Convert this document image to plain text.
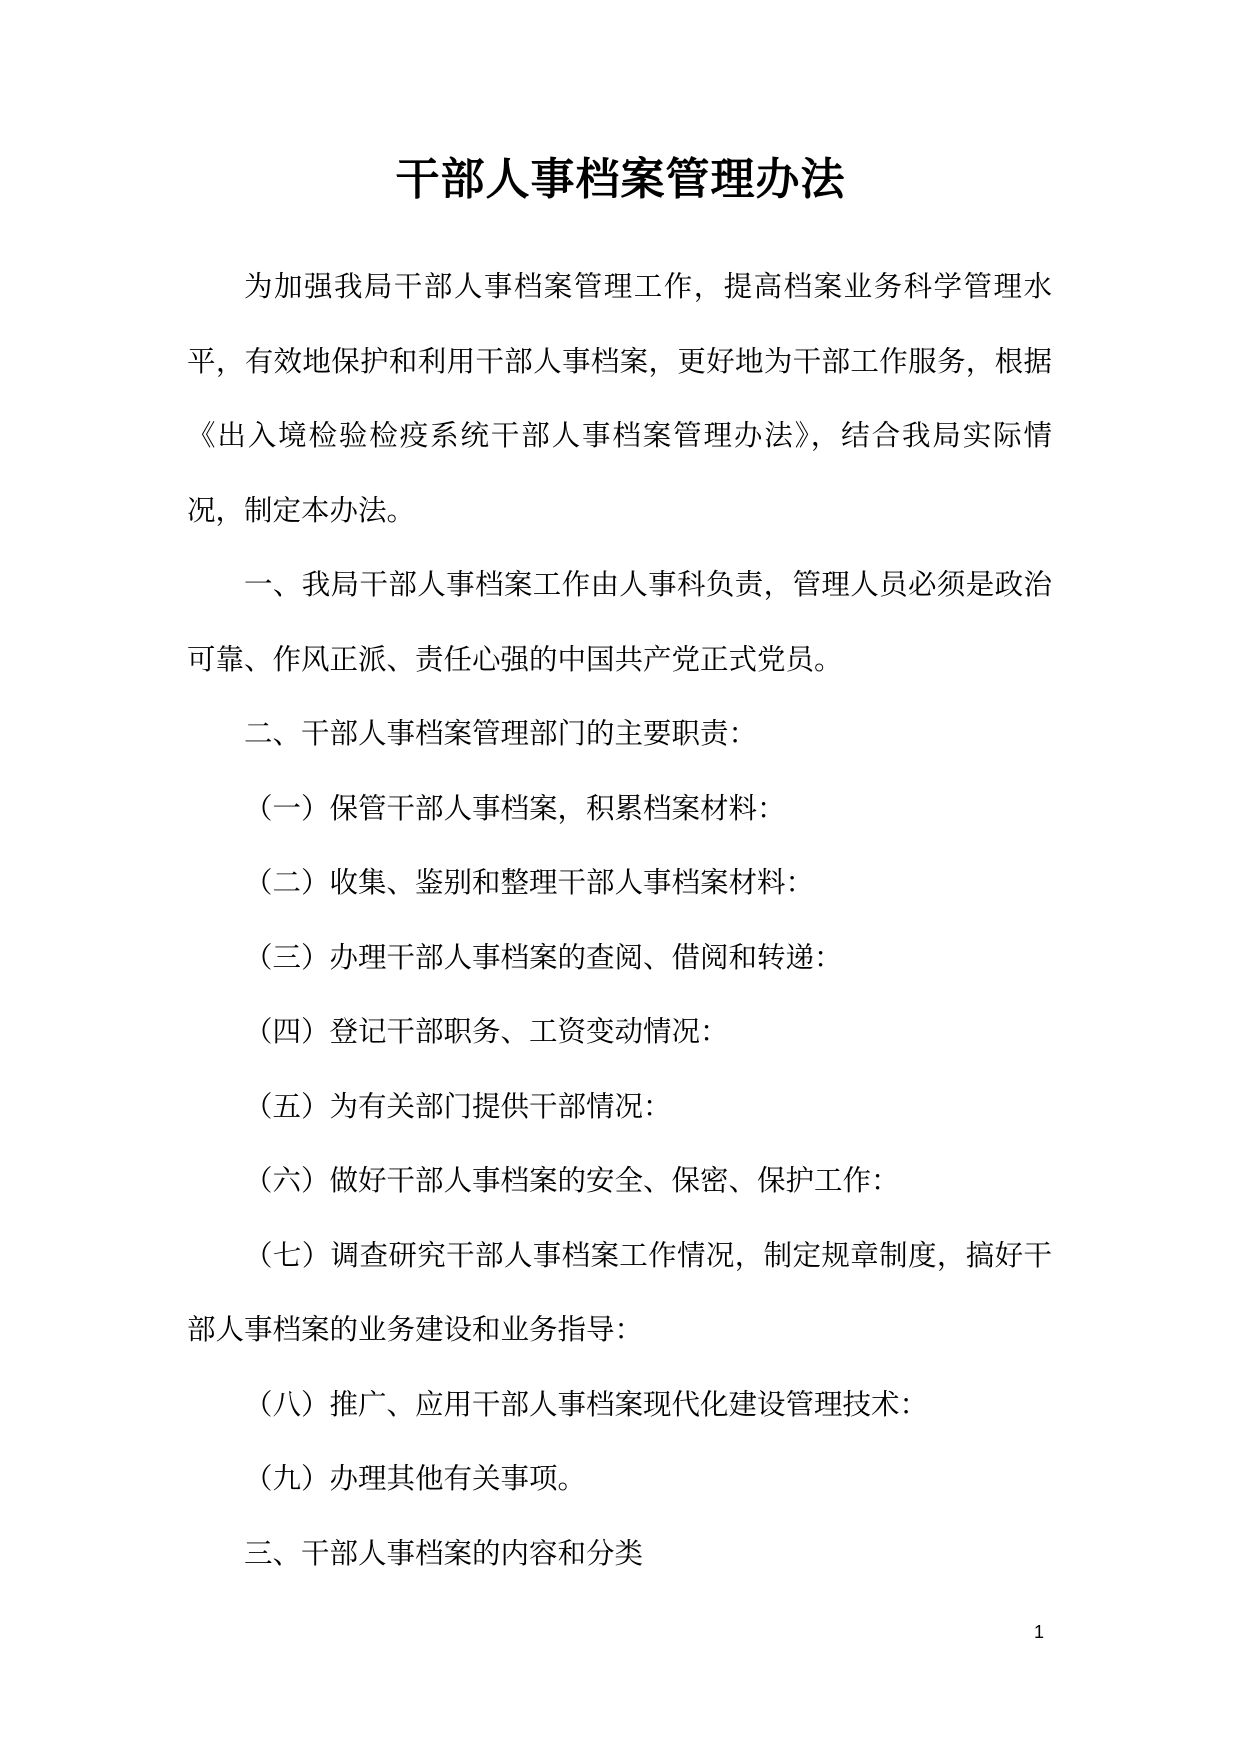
干部人事档案管理办法

为加强我局干部人事档案管理工作，提高档案业务科学管理水平，有效地保护和利用干部人事档案，更好地为干部工作服务，根据《出入境检验检疫系统干部人事档案管理办法》，结合我局实际情况，制定本办法。

一、我局干部人事档案工作由人事科负责，管理人员必须是政治可靠、作风正派、责任心强的中国共产党正式党员。

二、干部人事档案管理部门的主要职责：

（一）保管干部人事档案，积累档案材料：

（二）收集、鉴别和整理干部人事档案材料：

（三）办理干部人事档案的查阅、借阅和转递：

（四）登记干部职务、工资变动情况：

（五）为有关部门提供干部情况：

（六）做好干部人事档案的安全、保密、保护工作：

（七）调查研究干部人事档案工作情况，制定规章制度，搞好干部人事档案的业务建设和业务指导：

（八）推广、应用干部人事档案现代化建设管理技术：

（九）办理其他有关事项。

三、干部人事档案的内容和分类

1
